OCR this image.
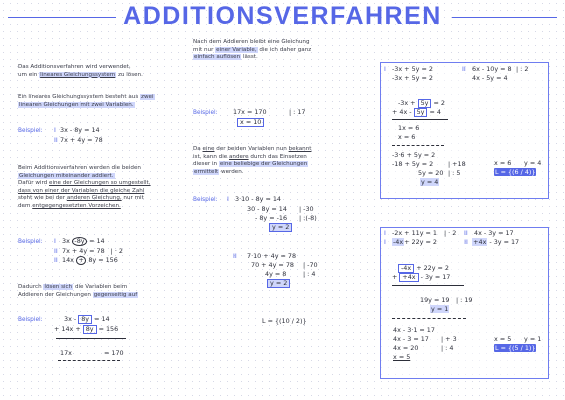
ADDITIONSVERFAHREN
Das Additionsverfahren wird verwendet,
um ein lineares Gleichungssystem zu lösen.
Ein lineares Gleichungssystem besteht aus zwei
linearen Gleichungen mit zwei Variablen.
Beispiel: I 3x - 8y = 14
II 7x + 4y = 78
Beim Additionsverfahren werden die beiden
Gleichungen miteinander addiert.
Dafür wird eine der Gleichungen so umgestellt,
dass von einer der Variablen die gleiche Zahl
steht wie bei der anderen Gleichung, nur mit
dem entgegengesetzten Vorzeichen.
Beispiel: I 3x -8y = 14
II 7x + 4y = 78 | · 2
II 14x + 8y = 156
Dadurch lösen sich die Variablen beim
Addieren der Gleichungen gegenseitig auf
Beispiel:	3x - 8y = 14
+ 14x + 8y = 156
17x	= 170
Nach dem Addieren bleibt eine Gleichung
mit nur einer Variable, die ich daher ganz
einfach auflösen lässt.
Beispiel: 17x = 170	| : 17
x = 10
Da eine der beiden Variablen nun bekannt
ist, kann die andere durch das Einsetzen
dieser in eine beliebige der Gleichungen
ermittelt werden.
Beispiel: I 3·10 - 8y = 14
30 - 8y = 14 | -30
- 8y = -16 | :(-8)
y = 2
II 7·10 + 4y = 78
70 + 4y = 78 | -70
4y = 8	| : 4
y = 2
L = {(10 / 2)}
I -3x + 5y = 2	II 6x - 10y = 8 | : 2
-3x + 5y = 2	4x - 5y = 4
-3x + 5y = 2
+ 4x - 5y = 4
1x = 6
x = 6
-3·6 + 5y = 2
-18 + 5y = 2 | +18
5y = 20 | : 5
y = 4
x = 6 y = 4
L = {(6 / 4)}
I -2x + 11y = 1 | · 2 II 4x - 3y = 17
I -4x+ 22y = 2	II +4x - 3y = 17
-4x + 22y = 2
+ +4x - 3y = 17
19y = 19 | : 19
y = 1
4x - 3·1 = 17
4x - 3 = 17 | + 3
4x = 20	| : 4
x = 5
x = 5 y = 1
L = {(5 / 1)}
